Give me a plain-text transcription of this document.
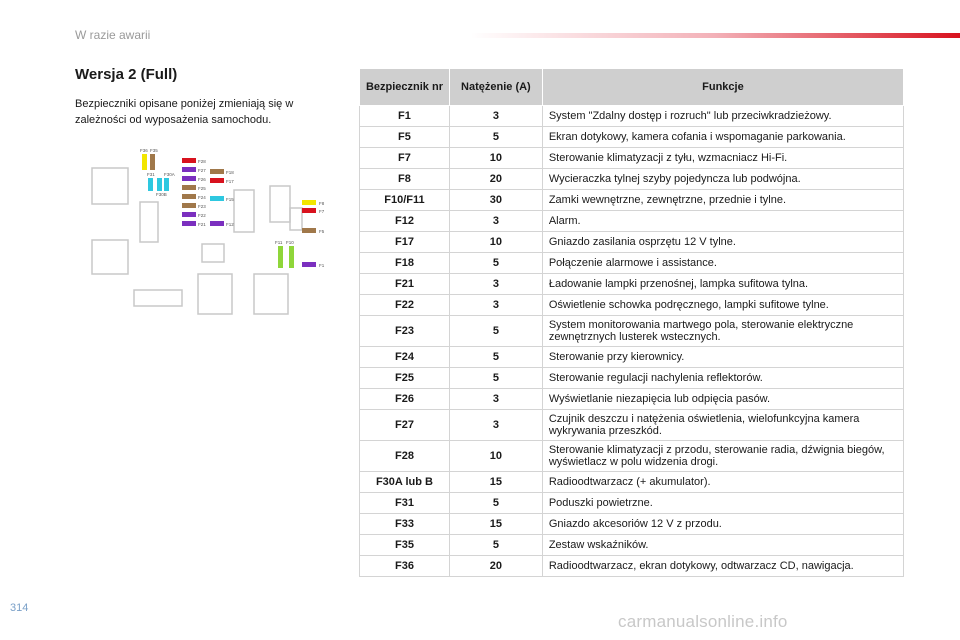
W razie awarii
Wersja 2 (Full)
Bezpieczniki opisane poniżej zmieniają się w zależności od wyposażenia samochodu.
F36 F35
F31 F30A
F30B
F28
F27
F26
F25
F24
F23
F22
F21
F18
F17
F15
F12
F11 F10
F8
F7
F5
F1
Bezpiecznik nr	Natężenie (A)	Funkcje
F1	3	System "Zdalny dostęp i rozruch" lub przeciwkradzieżowy.
F5	5	Ekran dotykowy, kamera cofania i wspomaganie parkowania.
F7	10	Sterowanie klimatyzacji z tyłu, wzmacniacz Hi-Fi.
F8	20	Wycieraczka tylnej szyby pojedyncza lub podwójna.
F10/F11	30	Zamki wewnętrzne, zewnętrzne, przednie i tylne.
F12	3	Alarm.
F17	10	Gniazdo zasilania osprzętu 12 V tylne.
F18	5	Połączenie alarmowe i assistance.
F21	3	Ładowanie lampki przenośnej, lampka sufitowa tylna.
F22	3	Oświetlenie schowka podręcznego, lampki sufitowe tylne.
F23	5	System monitorowania martwego pola, sterowanie elektryczne zewnętrznych lusterek wstecznych.
F24	5	Sterowanie przy kierownicy.
F25	5	Sterowanie regulacji nachylenia reflektorów.
F26	3	Wyświetlanie niezapięcia lub odpięcia pasów.
F27	3	Czujnik deszczu i natężenia oświetlenia, wielofunkcyjna kamera wykrywania przeszkód.
F28	10	Sterowanie klimatyzacji z przodu, sterowanie radia, dźwignia biegów, wyświetlacz w polu widzenia drogi.
F30A lub B	15	Radioodtwarzacz (+ akumulator).
F31	5	Poduszki powietrzne.
F33	15	Gniazdo akcesoriów 12 V z przodu.
F35	5	Zestaw wskaźników.
F36	20	Radioodtwarzacz, ekran dotykowy, odtwarzacz CD, nawigacja.
314
carmanualsonline.info
